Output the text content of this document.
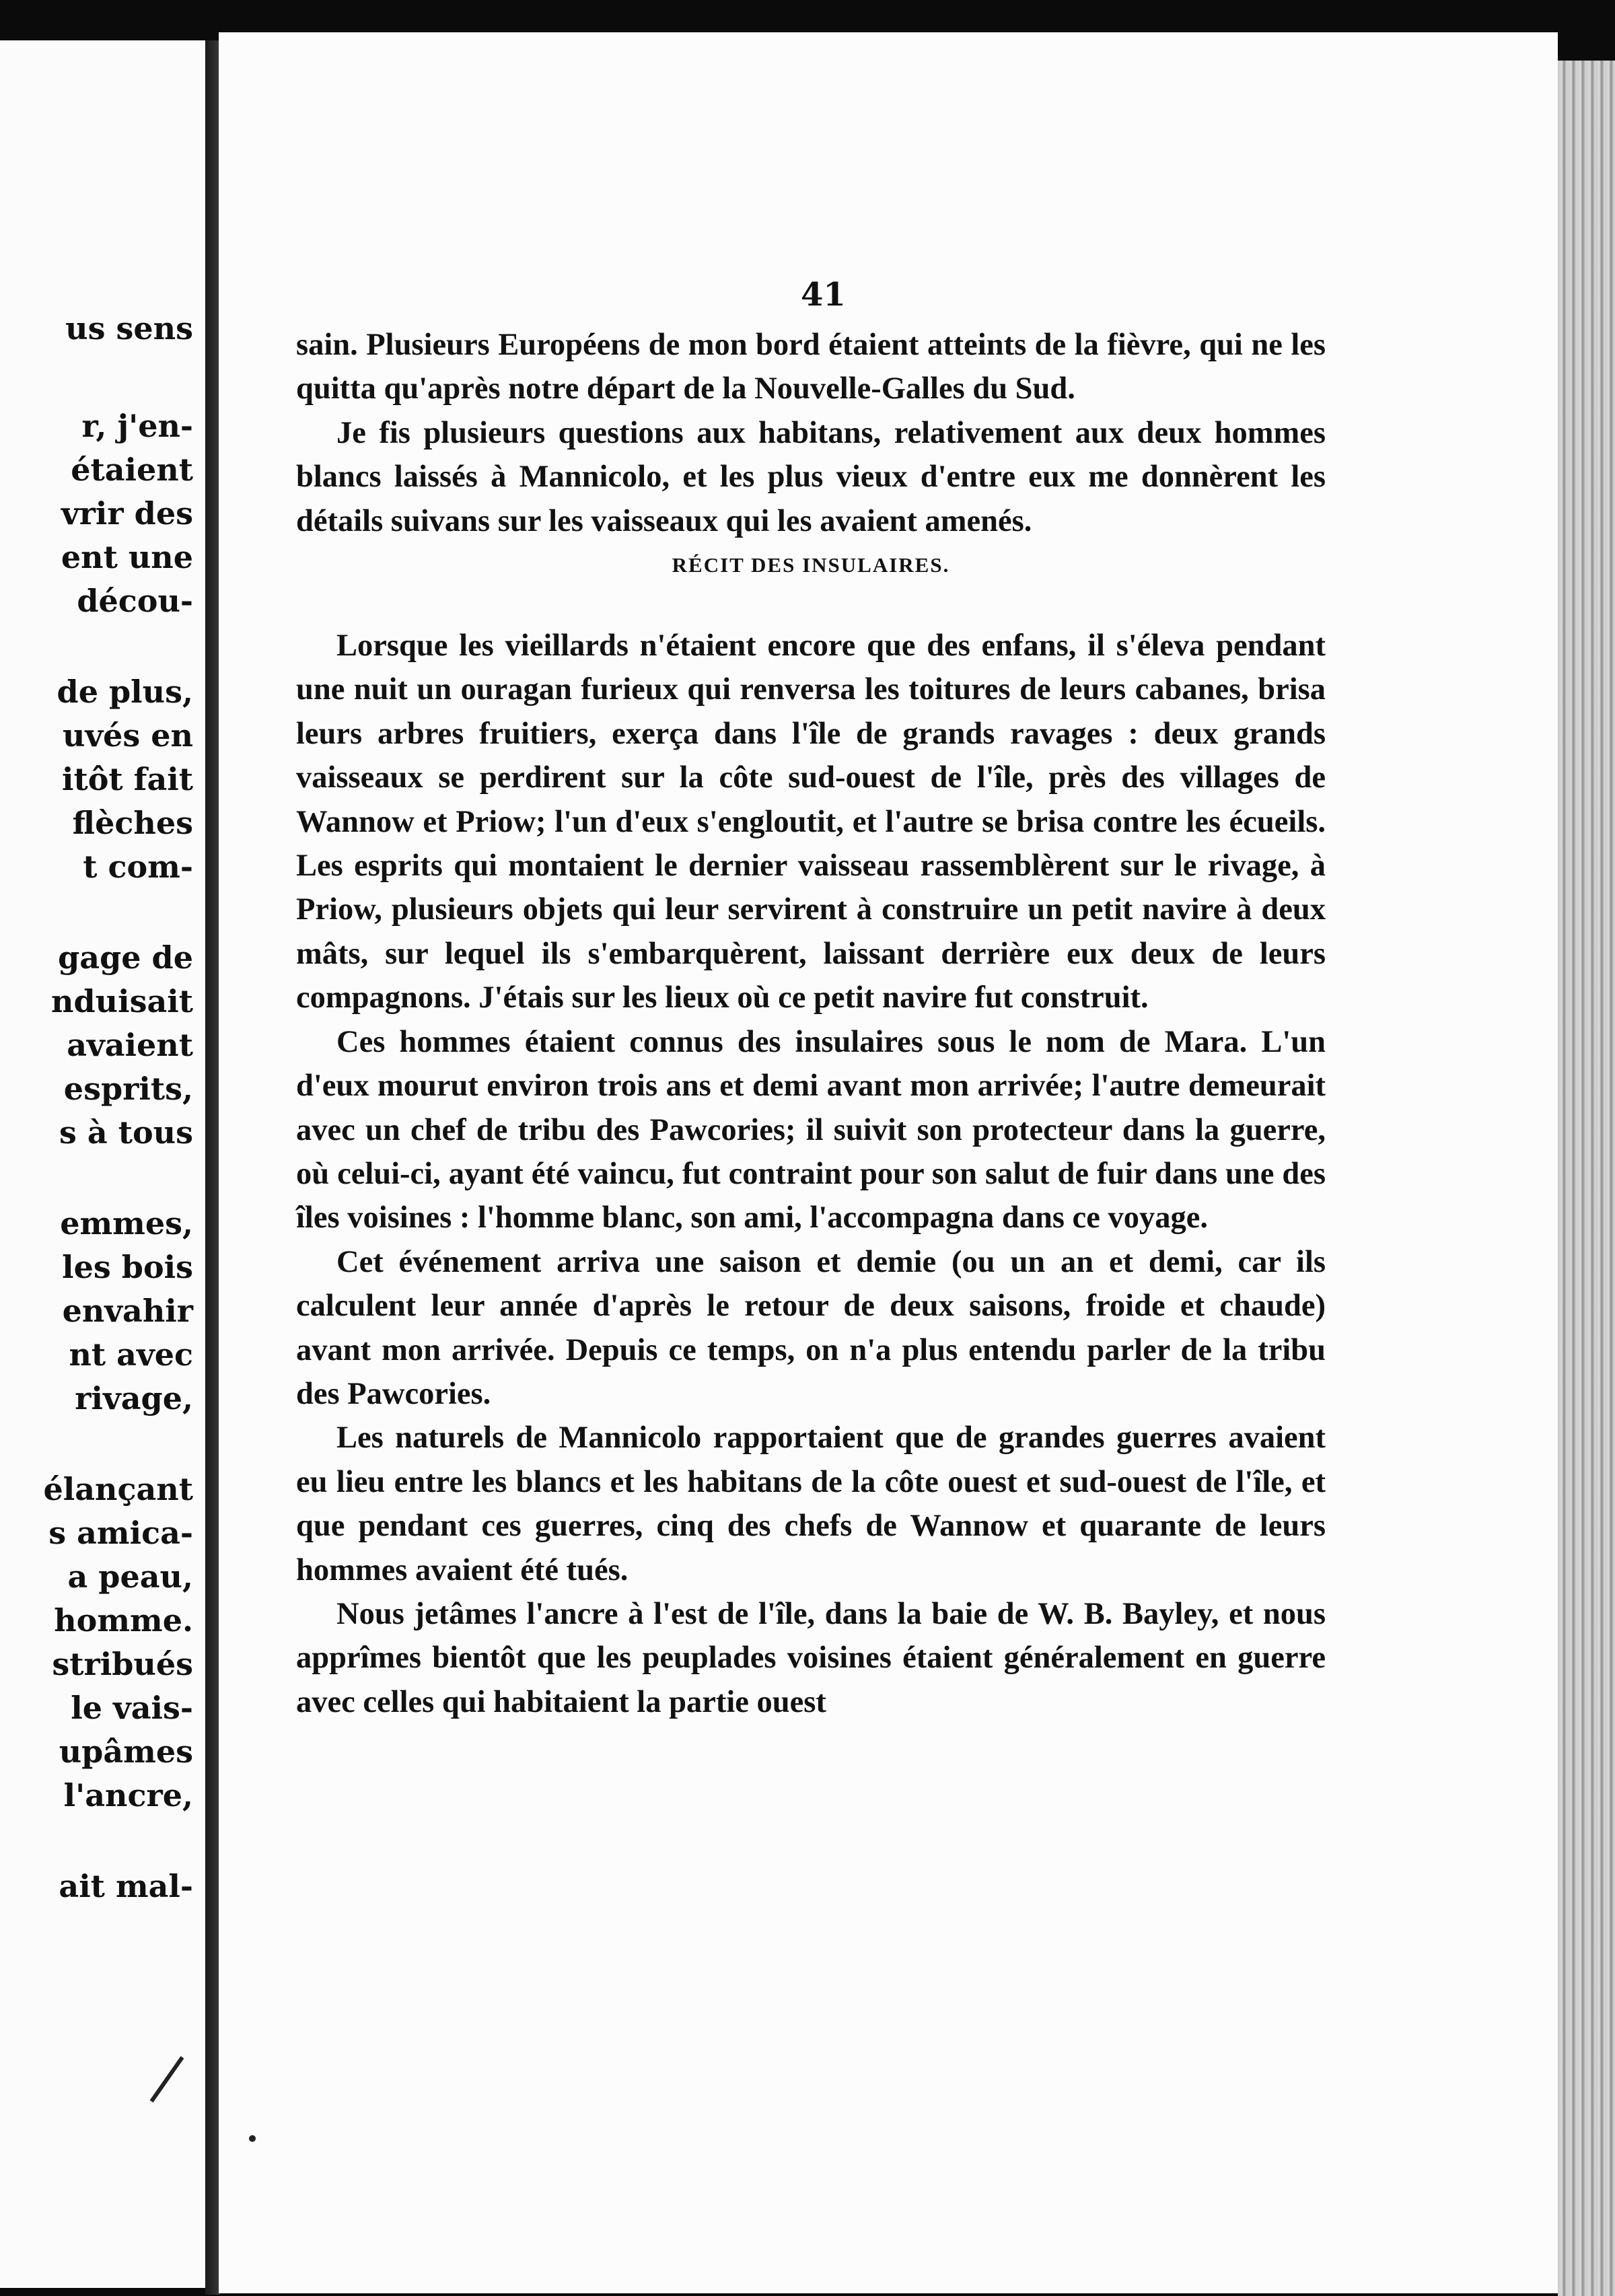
us sens
r, j'en-
étaient
vrir des
ent une
décou-
de plus,
uvés en
itôt fait
flèches
t com-
gage de
nduisait
avaient
esprits,
s à tous
emmes,
les bois
envahir
nt avec
rivage,
élançant
s amica-
a peau,
homme.
stribués
le vais-
upâmes
l'ancre,
ait mal-
41

sain. Plusieurs Européens de mon bord étaient atteints de la fièvre, qui ne les quitta qu'après notre départ de la Nouvelle-Galles du Sud.

Je fis plusieurs questions aux habitans, relativement aux deux hommes blancs laissés à Mannicolo, et les plus vieux d'entre eux me donnèrent les détails suivans sur les vaisseaux qui les avaient amenés.

RÉCIT DES INSULAIRES.

Lorsque les vieillards n'étaient encore que des enfans, il s'éleva pendant une nuit un ouragan furieux qui renversa les toitures de leurs cabanes, brisa leurs arbres fruitiers, exerça dans l'île de grands ravages : deux grands vaisseaux se perdirent sur la côte sud-ouest de l'île, près des villages de Wannow et Priow; l'un d'eux s'engloutit, et l'autre se brisa contre les écueils. Les esprits qui montaient le dernier vaisseau rassemblèrent sur le rivage, à Priow, plusieurs objets qui leur servirent à construire un petit navire à deux mâts, sur lequel ils s'embarquèrent, laissant derrière eux deux de leurs compagnons. J'étais sur les lieux où ce petit navire fut construit.

Ces hommes étaient connus des insulaires sous le nom de Mara. L'un d'eux mourut environ trois ans et demi avant mon arrivée; l'autre demeurait avec un chef de tribu des Pawcories; il suivit son protecteur dans la guerre, où celui-ci, ayant été vaincu, fut contraint pour son salut de fuir dans une des îles voisines : l'homme blanc, son ami, l'accompagna dans ce voyage.

Cet événement arriva une saison et demie (ou un an et demi, car ils calculent leur année d'après le retour de deux saisons, froide et chaude) avant mon arrivée. Depuis ce temps, on n'a plus entendu parler de la tribu des Pawcories.

Les naturels de Mannicolo rapportaient que de grandes guerres avaient eu lieu entre les blancs et les habitans de la côte ouest et sud-ouest de l'île, et que pendant ces guerres, cinq des chefs de Wannow et quarante de leurs hommes avaient été tués.

Nous jetâmes l'ancre à l'est de l'île, dans la baie de W. B. Bayley, et nous apprîmes bientôt que les peuplades voisines étaient généralement en guerre avec celles qui habitaient la partie ouest
